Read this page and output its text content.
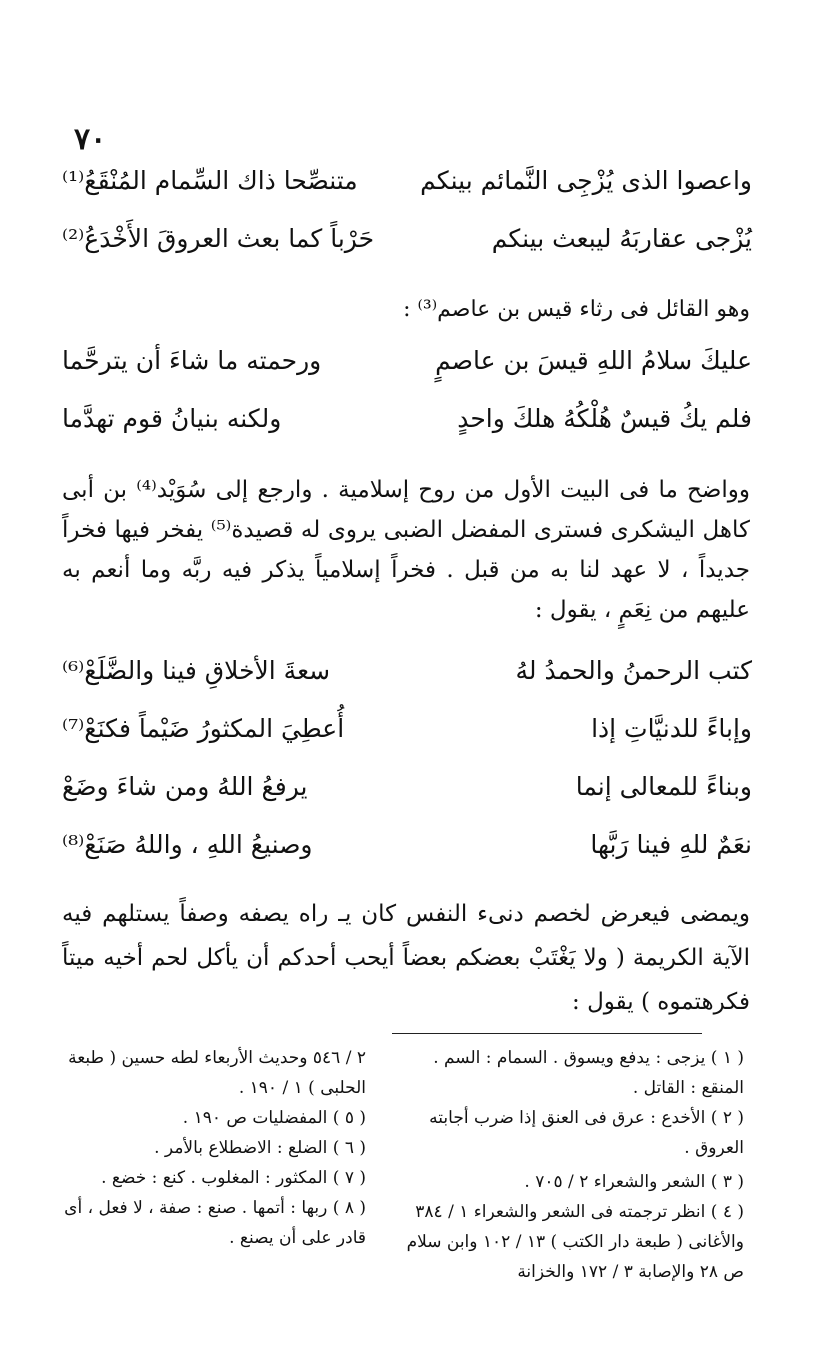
٧٠
واعصوا الذى يُزْجِى النَّمائم بينكم
متنصِّحا ذاك السِّمام المُنْقَعُ⁽¹⁾
يُزْجى عقاربَهُ ليبعث بينكم
حَرْباً كما بعث العروقَ الأَخْدَعُ⁽²⁾

وهو القائل فى رثاء قيس بن عاصم⁽³⁾ :

عليكَ سلامُ اللهِ قيسَ بن عاصمٍ
ورحمته ما شاءَ أن يترحَّما
فلم يكُ قيسٌ هُلْكُهُ هلكَ واحدٍ
ولكنه بنيانُ قوم تهدَّما

وواضح ما فى البيت الأول من روح إسلامية . وارجع إلى سُوَيْد⁽⁴⁾ بن أبى كاهل اليشكرى فسترى المفضل الضبى يروى له قصيدة⁽⁵⁾ يفخر فيها فخراً جديداً ، لا عهد لنا به من قبل . فخراً إسلامياً يذكر فيه ربَّه وما أنعم به عليهم من نِعَمٍ ، يقول :

كتب الرحمنُ والحمدُ لهُ
سعةَ الأخلاقِ فينا والضَّلَعْ⁽⁶⁾
وإباءً للدنيَّاتِ إذا
أُعطِيَ المكثورُ ضَيْماً فكنَعْ⁽⁷⁾
وبناءً للمعالى إنما
يرفعُ اللهُ ومن شاءَ وضَعْ
نعَمٌ للهِ فينا رَبَّها
وصنيعُ اللهِ ، واللهُ صَنَعْ⁽⁸⁾

ويمضى فيعرض لخصم دنىء النفس كان يـ راه يصفه وصفاً يستلهم فيه الآية الكريمة ( ولا يَغْتَبْ بعضكم بعضاً أيحب أحدكم أن يأكل لحم أخيه ميتاً فكرهتموه ) يقول :

( ١ ) يزجى : يدفع ويسوق . السمام : السم . المنقع : القاتل .

( ٢ ) الأخدع : عرق فى العنق إذا ضرب أجابته العروق .

( ٣ ) الشعر والشعراء ٢ / ٧٠٥ .

( ٤ ) انظر ترجمته فى الشعر والشعراء ١ / ٣٨٤ والأغانى ( طبعة دار الكتب ) ١٣ / ١٠٢ وابن سلام ص ٢٨ والإصابة ٣ / ١٧٢ والخزانة

٢ / ٥٤٦ وحديث الأربعاء لطه حسين ( طبعة الحلبى ) ١ / ١٩٠ .

( ٥ ) المفضليات ص ١٩٠ .

( ٦ ) الضلع : الاضطلاع بالأمر .

( ٧ ) المكثور : المغلوب . كنع : خضع .

( ٨ ) ربها : أتمها . صنع : صفة ، لا فعل ، أى قادر على أن يصنع .
